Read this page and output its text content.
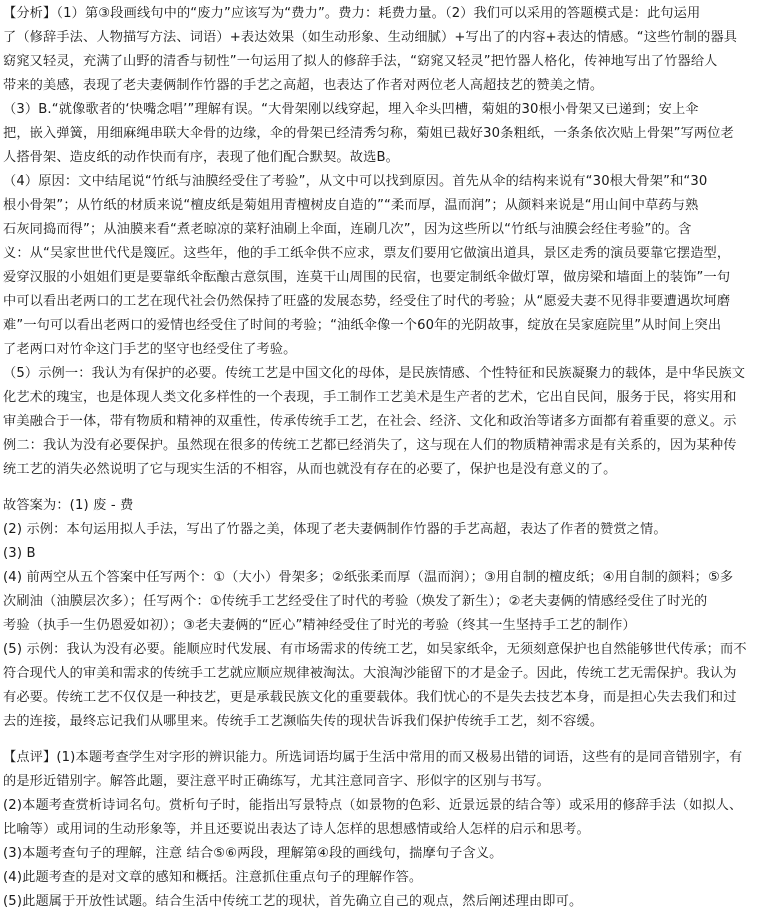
【分析】（1）第③段画线句中的“废力”应该写为“费力”。费力：耗费力量。（2）我们可以采用的答题模式是：此句运用
了（修辞手法、人物描写方法、词语）+表达效果（如生动形象、生动细腻）+写出了的内容+表达的情感。“这些竹制的器具
窈窕又轻灵，充满了山野的清香与韧性”一句运用了拟人的修辞手法，“窈窕又轻灵”把竹器人格化，传神地写出了竹器给人
带来的美感，表现了老夫妻俩制作竹器的手艺之高超，也表达了作者对两位老人高超技艺的赞美之情。
（3）B.“就像歌者的‘快嘴念唱’”理解有误。“大骨架刚以线穿起，埋入伞头凹槽，菊姐的30根小骨架又已递到；安上伞
把，嵌入弹簧，用细麻绳串联大伞骨的边缘，伞的骨架已经清秀匀称，菊姐已裁好30条粗纸，一条条依次贴上骨架”写两位老
人搭骨架、造皮纸的动作快而有序，表现了他们配合默契。故选B。
（4）原因：文中结尾说“竹纸与油膜经受住了考验”，从文中可以找到原因。首先从伞的结构来说有“30根大骨架”和“30
根小骨架”；从竹纸的材质来说“檀皮纸是菊姐用青檀树皮自造的”“柔而厚，温而润”；从颜料来说是“用山间中草药与熟
石灰同捣而得”；从油膜来看“煮老晾凉的菜籽油刷上伞面，连刷几次”，因为这些所以“竹纸与油膜会经住考验”的。含
义：从“吴家世世代代是篾匠。这些年，他的手工纸伞供不应求，票友们要用它做演出道具，景区走秀的演员要靠它摆造型，
爱穿汉服的小姐姐们更是要靠纸伞酝酿古意氛围，连莫干山周围的民宿，也要定制纸伞做灯罩，做房梁和墙面上的装饰”一句
中可以看出老两口的工艺在现代社会仍然保持了旺盛的发展态势，经受住了时代的考验；从“愿爱夫妻不见得非要遭遇坎坷磨
难”一句可以看出老两口的爱情也经受住了时间的考验；“油纸伞像一个60年的光阴故事，绽放在吴家庭院里”从时间上突出
了老两口对竹伞这门手艺的坚守也经受住了考验。
（5）示例一：我认为有保护的必要。传统工艺是中国文化的母体，是民族情感、个性特征和民族凝聚力的载体，是中华民族文
化艺术的瑰宝，也是体现人类文化多样性的一个表现，手工制作工艺美术是生产者的艺术，它出自民间，服务于民，将实用和
审美融合于一体，带有物质和精神的双重性，传承传统手工艺，在社会、经济、文化和政治等诸多方面都有着重要的意义。示
例二：我认为没有必要保护。虽然现在很多的传统工艺都已经消失了，这与现在人们的物质精神需求是有关系的，因为某种传
统工艺的消失必然说明了它与现实生活的不相容，从而也就没有存在的必要了，保护也是没有意义的了。
故答案为：(1) 废 - 费
(2) 示例：本句运用拟人手法，写出了竹器之美，体现了老夫妻俩制作竹器的手艺高超，表达了作者的赞赏之情。
(3) B
(4) 前两空从五个答案中任写两个：①（大小）骨架多；②纸张柔而厚（温而润）；③用自制的檀皮纸；④用自制的颜料；⑤多
次刷油（油膜层次多）；任写两个：①传统手工艺经受住了时代的考验（焕发了新生）；②老夫妻俩的情感经受住了时光的
考验（执手一生仍恩爱如初）；③老夫妻俩的“匠心”精神经受住了时光的考验（终其一生坚持手工艺的制作）
(5) 示例：我认为没有必要。能顺应时代发展、有市场需求的传统工艺，如吴家纸伞，无须刻意保护也自然能够世代传承；而不
符合现代人的审美和需求的传统手工艺就应顺应规律被淘汰。大浪淘沙能留下的才是金子。因此，传统工艺无需保护。我认为
有必要。传统工艺不仅仅是一种技艺，更是承载民族文化的重要载体。我们忧心的不是失去技艺本身，而是担心失去我们和过
去的连接，最终忘记我们从哪里来。传统手工艺濒临失传的现状告诉我们保护传统手工艺，刻不容缓。
【点评】(1)本题考查学生对字形的辨识能力。所选词语均属于生活中常用的而又极易出错的词语，这些有的是同音错别字，有
的是形近错别字。解答此题，要注意平时正确练写，尤其注意同音字、形似字的区别与书写。
(2)本题考查赏析诗词名句。赏析句子时，能指出写景特点（如景物的色彩、近景远景的结合等）或采用的修辞手法（如拟人、
比喻等）或用词的生动形象等，并且还要说出表达了诗人怎样的思想感情或给人怎样的启示和思考。
(3)本题考查句子的理解，注意 结合⑤⑥两段，理解第④段的画线句，揣摩句子含义。
(4)此题考查的是对文章的感知和概括。注意抓住重点句子的理解作答。
(5)此题属于开放性试题。结合生活中传统工艺的现状，首先确立自己的观点，然后阐述理由即可。
